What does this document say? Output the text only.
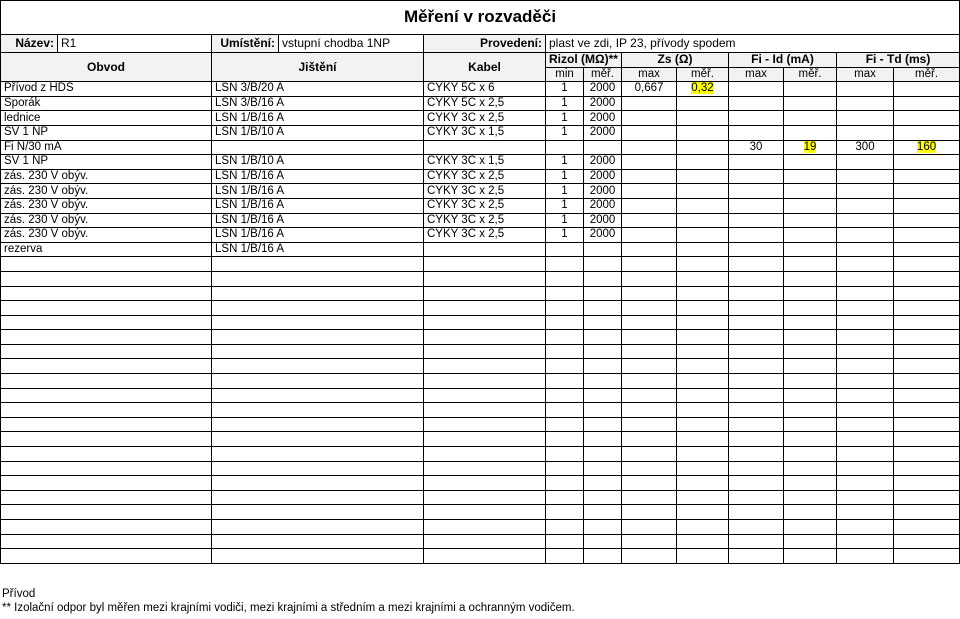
Měření v rozvaděči
Název:	R1	Umístění:	vstupní chodba 1NP	Provedení:	plast ve zdi, IP 23, přívody spodem							
Obvod		Jištění		Kabel	Rizol (MΩ)**		Zs (Ω)		Fi - Id (mA)		Fi - Td (ms)	
					min	měř.	max	měř.	max	měř.	max	měř.
Přívod z HDS		LSN 3/B/20 A		CYKY 5C x 6	1	2000	0,667	0,32				
Sporák		LSN 3/B/16 A		CYKY 5C x 2,5	1	2000						
lednice		LSN 1/B/16 A		CYKY 3C x 2,5	1	2000						
SV 1 NP		LSN 1/B/10 A		CYKY 3C x 1,5	1	2000						
Fi N/30 mA									30	19	300	160
SV 1 NP		LSN 1/B/10 A		CYKY 3C x 1,5	1	2000						
zás. 230 V obýv.		LSN 1/B/16 A		CYKY 3C x 2,5	1	2000						
zás. 230 V obýv.		LSN 1/B/16 A		CYKY 3C x 2,5	1	2000						
zás. 230 V obýv.		LSN 1/B/16 A		CYKY 3C x 2,5	1	2000						
zás. 230 V obýv.		LSN 1/B/16 A		CYKY 3C x 2,5	1	2000						
zás. 230 V obýv.		LSN 1/B/16 A		CYKY 3C x 2,5	1	2000						
rezerva		LSN 1/B/16 A										

Přívod
** Izolační odpor byl měřen mezi krajními vodiči, mezi krajními a středním a mezi krajními a ochranným vodičem.
